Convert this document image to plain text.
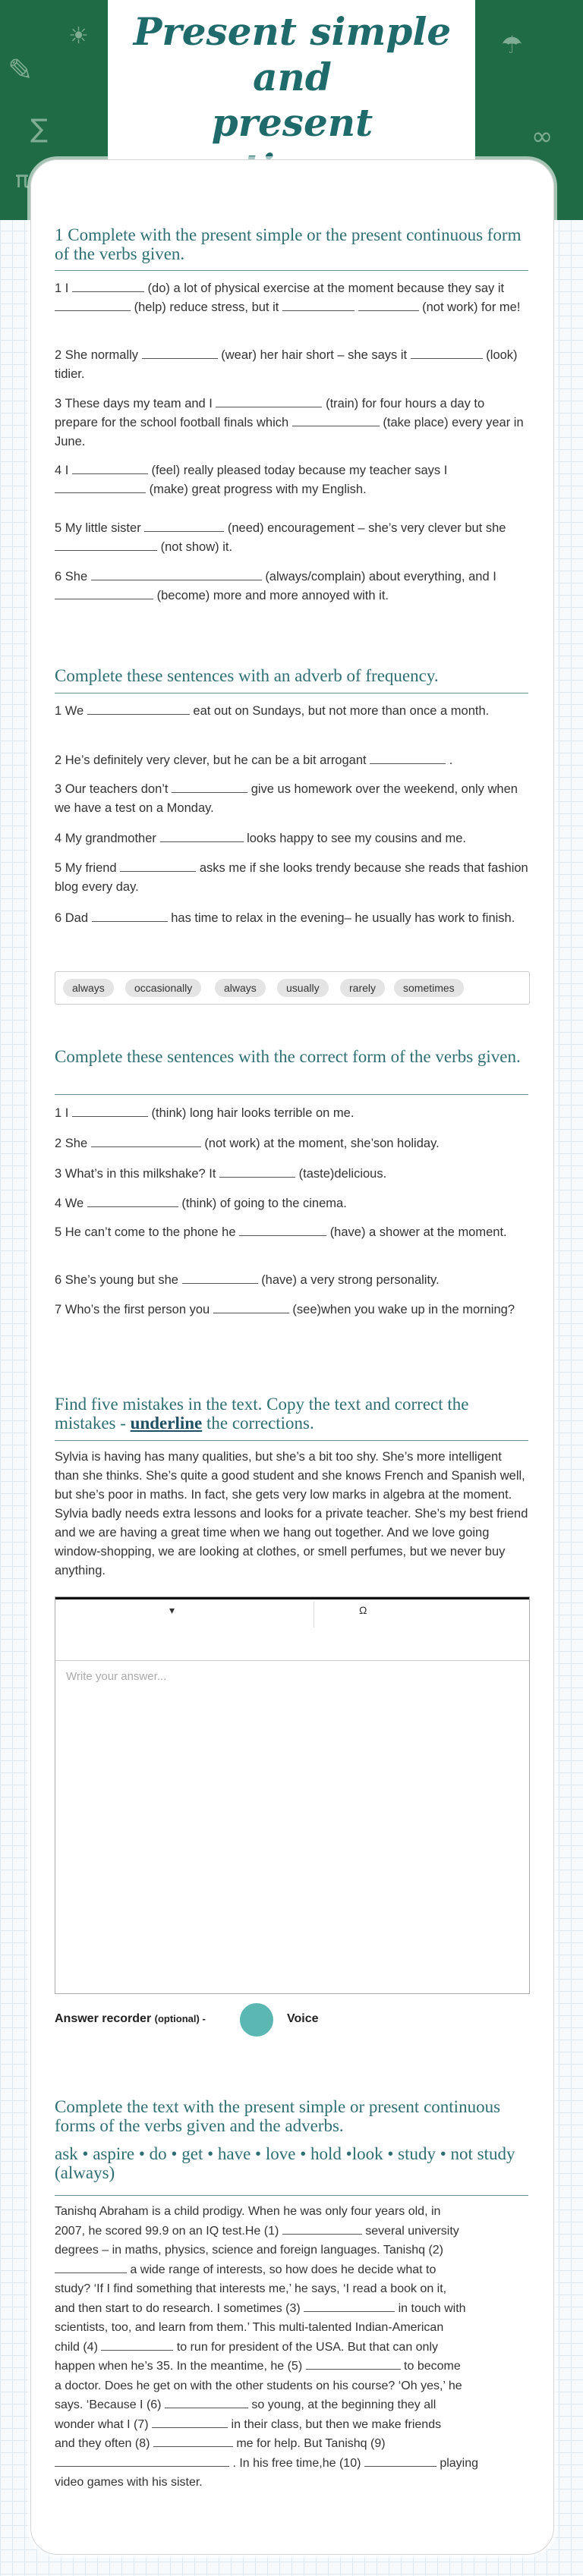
✎
∑
☀
π
☂
∞
Present simple and
present
1 Complete with the present simple or the present continuous form of the verbs given.
1 I	(do) a lot of physical exercise at the moment because they say it  (help) reduce stress, but it	(not work) for me!
2 She normally	(wear) her hair short – she says it	(look) tidier.
3 These days my team and I	(train) for four hours a day to prepare for the school football finals which	(take place) every year in June.
4 I	(feel) really pleased today because my teacher says I  (make) great progress with my English.
5 My little sister	(need) encouragement – she’s very clever but she  (not show) it.
6 She	(always/complain) about everything, and I  (become) more and more annoyed with it.
Complete these sentences with an adverb of frequency.
1 We	eat out on Sundays, but not more than once a month.
2 He’s definitely very clever, but he can be a bit arrogant	.
3 Our teachers don’t	give us homework over the weekend, only when we have a test on a Monday.
4 My grandmother	looks happy to see my cousins and me.
5 My friend	asks me if she looks trendy because she reads that fashion blog every day.
6 Dad	has time to relax in the evening– he usually has work to finish.
always	occasionally	always	usually	rarely	sometimes
Complete these sentences with the correct form of the verbs given.
1 I	(think) long hair looks terrible on me.
2 She	(not work) at the moment, she’son holiday.
3 What’s in this milkshake? It	(taste)delicious.
4 We	(think) of going to the cinema.
5 He can’t come to the phone he	(have) a shower at the moment.
6 She’s young but she	(have) a very strong personality.
7 Who’s the first person you	(see)when you wake up in the morning?
Find five mistakes in the text. Copy the text and correct the mistakes - underline the corrections.
Sylvia is having has many qualities, but she’s a bit too shy. She’s more intelligent than she thinks. She’s quite a good student and she knows French and Spanish well, but she’s poor in maths. In fact, she gets very low marks in algebra at the moment. Sylvia badly needs extra lessons and looks for a private teacher. She’s my best friend and we are having a great time when we hang out together. And we love going window-shopping, we are looking at clothes, or smell perfumes, but we never buy anything.
▾	Ω
Write your answer...
Answer recorder (optional) -	Voice
Complete the text with the present simple or present continuous forms of the verbs given and the adverbs.
ask • aspire • do • get • have • love • hold •look • study • not study (always)
Tanishq Abraham is a child prodigy. When he was only four years old, in
2007, he scored 99.9 on an IQ test.He (1)	several university
degrees – in maths, physics, science and foreign languages. Tanishq (2)
a wide range of interests, so how does he decide what to
study? ‘If I find something that interests me,’ he says, ‘I read a book on it,
and then start to do research. I sometimes (3)	in touch with
scientists, too, and learn from them.’ This multi-talented Indian-American
child (4)	to run for president of the USA. But that can only
happen when he’s 35. In the meantime, he (5)	to become
a doctor. Does he get on with the other students on his course? ‘Oh yes,’ he
says. ‘Because I (6)	so young, at the beginning they all
wonder what I (7)	in their class, but then we make friends
and they often (8)	me for help. But Tanishq (9)
. In his free time,he (10)	playing
video games with his sister.
